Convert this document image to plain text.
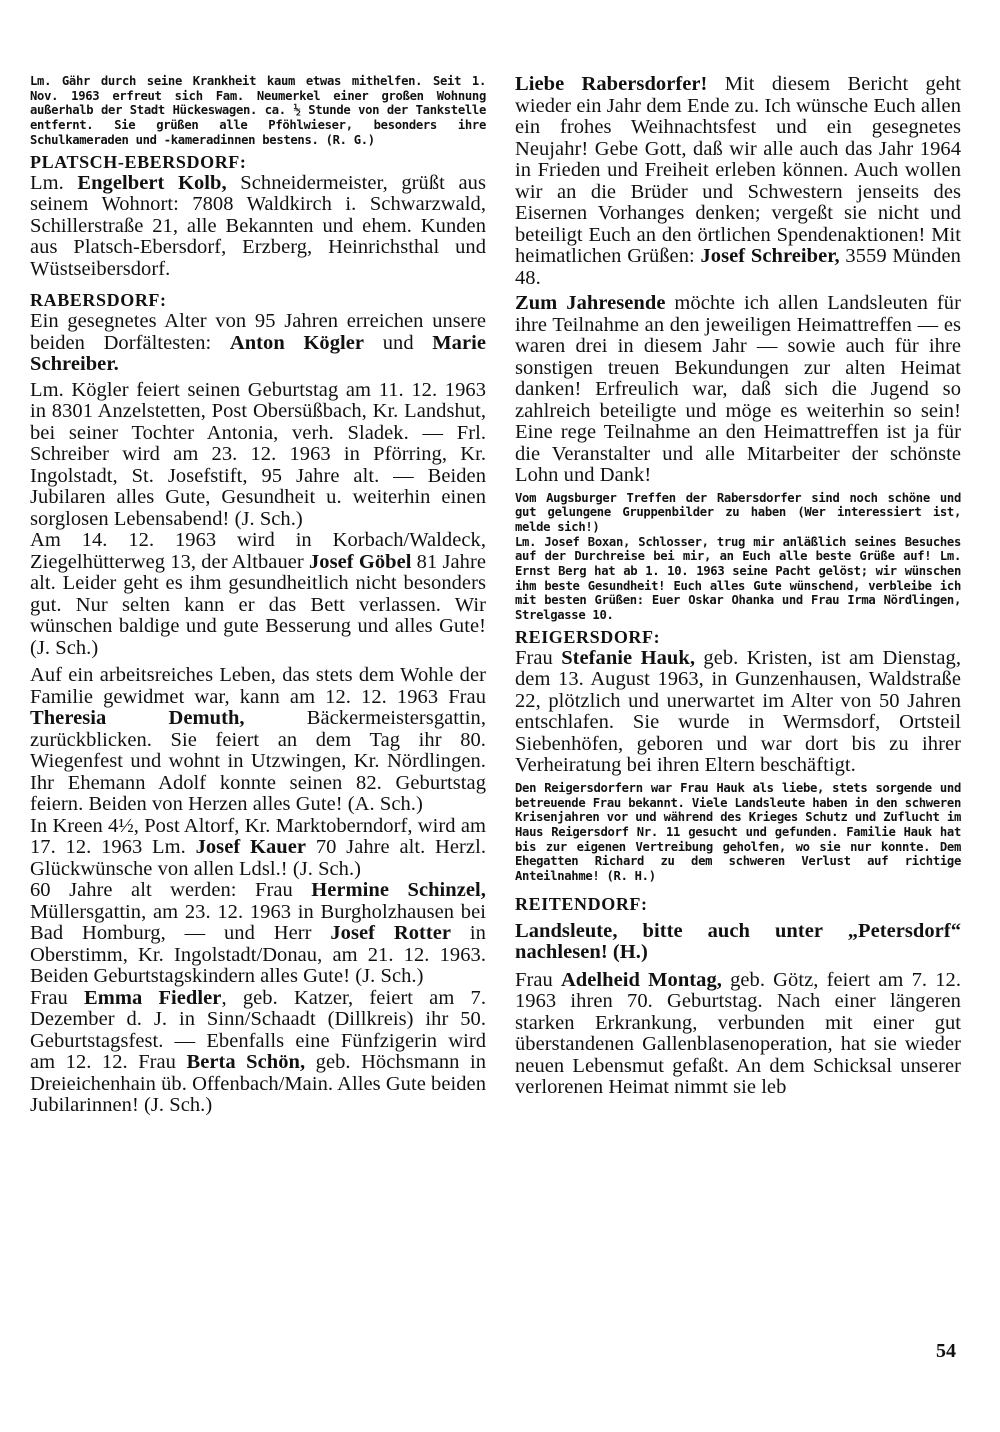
Lm. Gähr durch seine Krankheit kaum etwas mithelfen. Seit 1. Nov. 1963 erfreut sich Fam. Neumerkel einer großen Wohnung außerhalb der Stadt Hückeswagen. ca. ½ Stunde von der Tankstelle entfernt. Sie grüßen alle Pföhlwieser, besonders ihre Schulkameraden und -kameradinnen bestens. (R. G.)

PLATSCH-EBERSDORF:

Lm. Engelbert Kolb, Schneidermeister, grüßt aus seinem Wohnort: 7808 Waldkirch i. Schwarzwald, Schillerstraße 21, alle Bekannten und ehem. Kunden aus Platsch-Ebersdorf, Erzberg, Heinrichsthal und Wüstseibersdorf.

RABERSDORF:

Ein gesegnetes Alter von 95 Jahren erreichen unsere beiden Dorfältesten: Anton Kögler und Marie Schreiber.

Lm. Kögler feiert seinen Geburtstag am 11. 12. 1963 in 8301 Anzelstetten, Post Obersüßbach, Kr. Landshut, bei seiner Tochter Antonia, verh. Sladek. — Frl. Schreiber wird am 23. 12. 1963 in Pförring, Kr. Ingolstadt, St. Josefstift, 95 Jahre alt. — Beiden Jubilaren alles Gute, Gesundheit u. weiterhin einen sorglosen Lebensabend! (J. Sch.)

Am 14. 12. 1963 wird in Korbach/Waldeck, Ziegelhütterweg 13, der Altbauer Josef Göbel 81 Jahre alt. Leider geht es ihm gesundheitlich nicht besonders gut. Nur selten kann er das Bett verlassen. Wir wünschen baldige und gute Besserung und alles Gute! (J. Sch.)

Auf ein arbeitsreiches Leben, das stets dem Wohle der Familie gewidmet war, kann am 12. 12. 1963 Frau Theresia Demuth, Bäckermeistersgattin, zurückblicken. Sie feiert an dem Tag ihr 80. Wiegenfest und wohnt in Utzwingen, Kr. Nördlingen. Ihr Ehemann Adolf konnte seinen 82. Geburtstag feiern. Beiden von Herzen alles Gute! (A. Sch.)

In Kreen 4½, Post Altorf, Kr. Marktoberndorf, wird am 17. 12. 1963 Lm. Josef Kauer 70 Jahre alt. Herzl. Glückwünsche von allen Ldsl.! (J. Sch.)

60 Jahre alt werden: Frau Hermine Schinzel, Müllersgattin, am 23. 12. 1963 in Burgholzhausen bei Bad Homburg, — und Herr Josef Rotter in Oberstimm, Kr. Ingolstadt/Donau, am 21. 12. 1963. Beiden Geburtstagskindern alles Gute! (J. Sch.)

Frau Emma Fiedler, geb. Katzer, feiert am 7. Dezember d. J. in Sinn/Schaadt (Dillkreis) ihr 50. Geburtstagsfest. — Ebenfalls eine Fünfzigerin wird am 12. 12. Frau Berta Schön, geb. Höchsmann in Dreieichenhain üb. Offenbach/Main. Alles Gute beiden Jubilarinnen! (J. Sch.)

Liebe Rabersdorfer! Mit diesem Bericht geht wieder ein Jahr dem Ende zu. Ich wünsche Euch allen ein frohes Weihnachtsfest und ein gesegnetes Neujahr! Gebe Gott, daß wir alle auch das Jahr 1964 in Frieden und Freiheit erleben können. Auch wollen wir an die Brüder und Schwestern jenseits des Eisernen Vorhanges denken; vergeßt sie nicht und beteiligt Euch an den örtlichen Spendenaktionen! Mit heimatlichen Grüßen: Josef Schreiber, 3559 Münden 48.

Zum Jahresende möchte ich allen Landsleuten für ihre Teilnahme an den jeweiligen Heimattreffen — es waren drei in diesem Jahr — sowie auch für ihre sonstigen treuen Bekundungen zur alten Heimat danken! Erfreulich war, daß sich die Jugend so zahlreich beteiligte und möge es weiterhin so sein! Eine rege Teilnahme an den Heimattreffen ist ja für die Veranstalter und alle Mitarbeiter der schönste Lohn und Dank!

Vom Augsburger Treffen der Rabersdorfer sind noch schöne und gut gelungene Gruppenbilder zu haben (Wer interessiert ist, melde sich!)

Lm. Josef Boxan, Schlosser, trug mir anläßlich seines Besuches auf der Durchreise bei mir, an Euch alle beste Grüße auf! Lm. Ernst Berg hat ab 1. 10. 1963 seine Pacht gelöst; wir wünschen ihm beste Gesundheit! Euch alles Gute wünschend, verbleibe ich mit besten Grüßen: Euer Oskar Ohanka und Frau Irma Nördlingen, Strelgasse 10.

REIGERSDORF:

Frau Stefanie Hauk, geb. Kristen, ist am Dienstag, dem 13. August 1963, in Gunzenhausen, Waldstraße 22, plötzlich und unerwartet im Alter von 50 Jahren entschlafen. Sie wurde in Wermsdorf, Ortsteil Siebenhöfen, geboren und war dort bis zu ihrer Verheiratung bei ihren Eltern beschäftigt.

Den Reigersdorfern war Frau Hauk als liebe, stets sorgende und betreuende Frau bekannt. Viele Landsleute haben in den schweren Krisenjahren vor und während des Krieges Schutz und Zuflucht im Haus Reigersdorf Nr. 11 gesucht und gefunden. Familie Hauk hat bis zur eigenen Vertreibung geholfen, wo sie nur konnte. Dem Ehegatten Richard zu dem schweren Verlust auf richtige Anteilnahme! (R. H.)

REITENDORF:

Landsleute, bitte auch unter „Petersdorf“ nachlesen! (H.)

Frau Adelheid Montag, geb. Götz, feiert am 7. 12. 1963 ihren 70. Geburtstag. Nach einer längeren starken Erkrankung, verbunden mit einer gut überstandenen Gallenblasenoperation, hat sie wieder neuen Lebensmut gefaßt. An dem Schicksal unserer verlorenen Heimat nimmt sie leb

54
